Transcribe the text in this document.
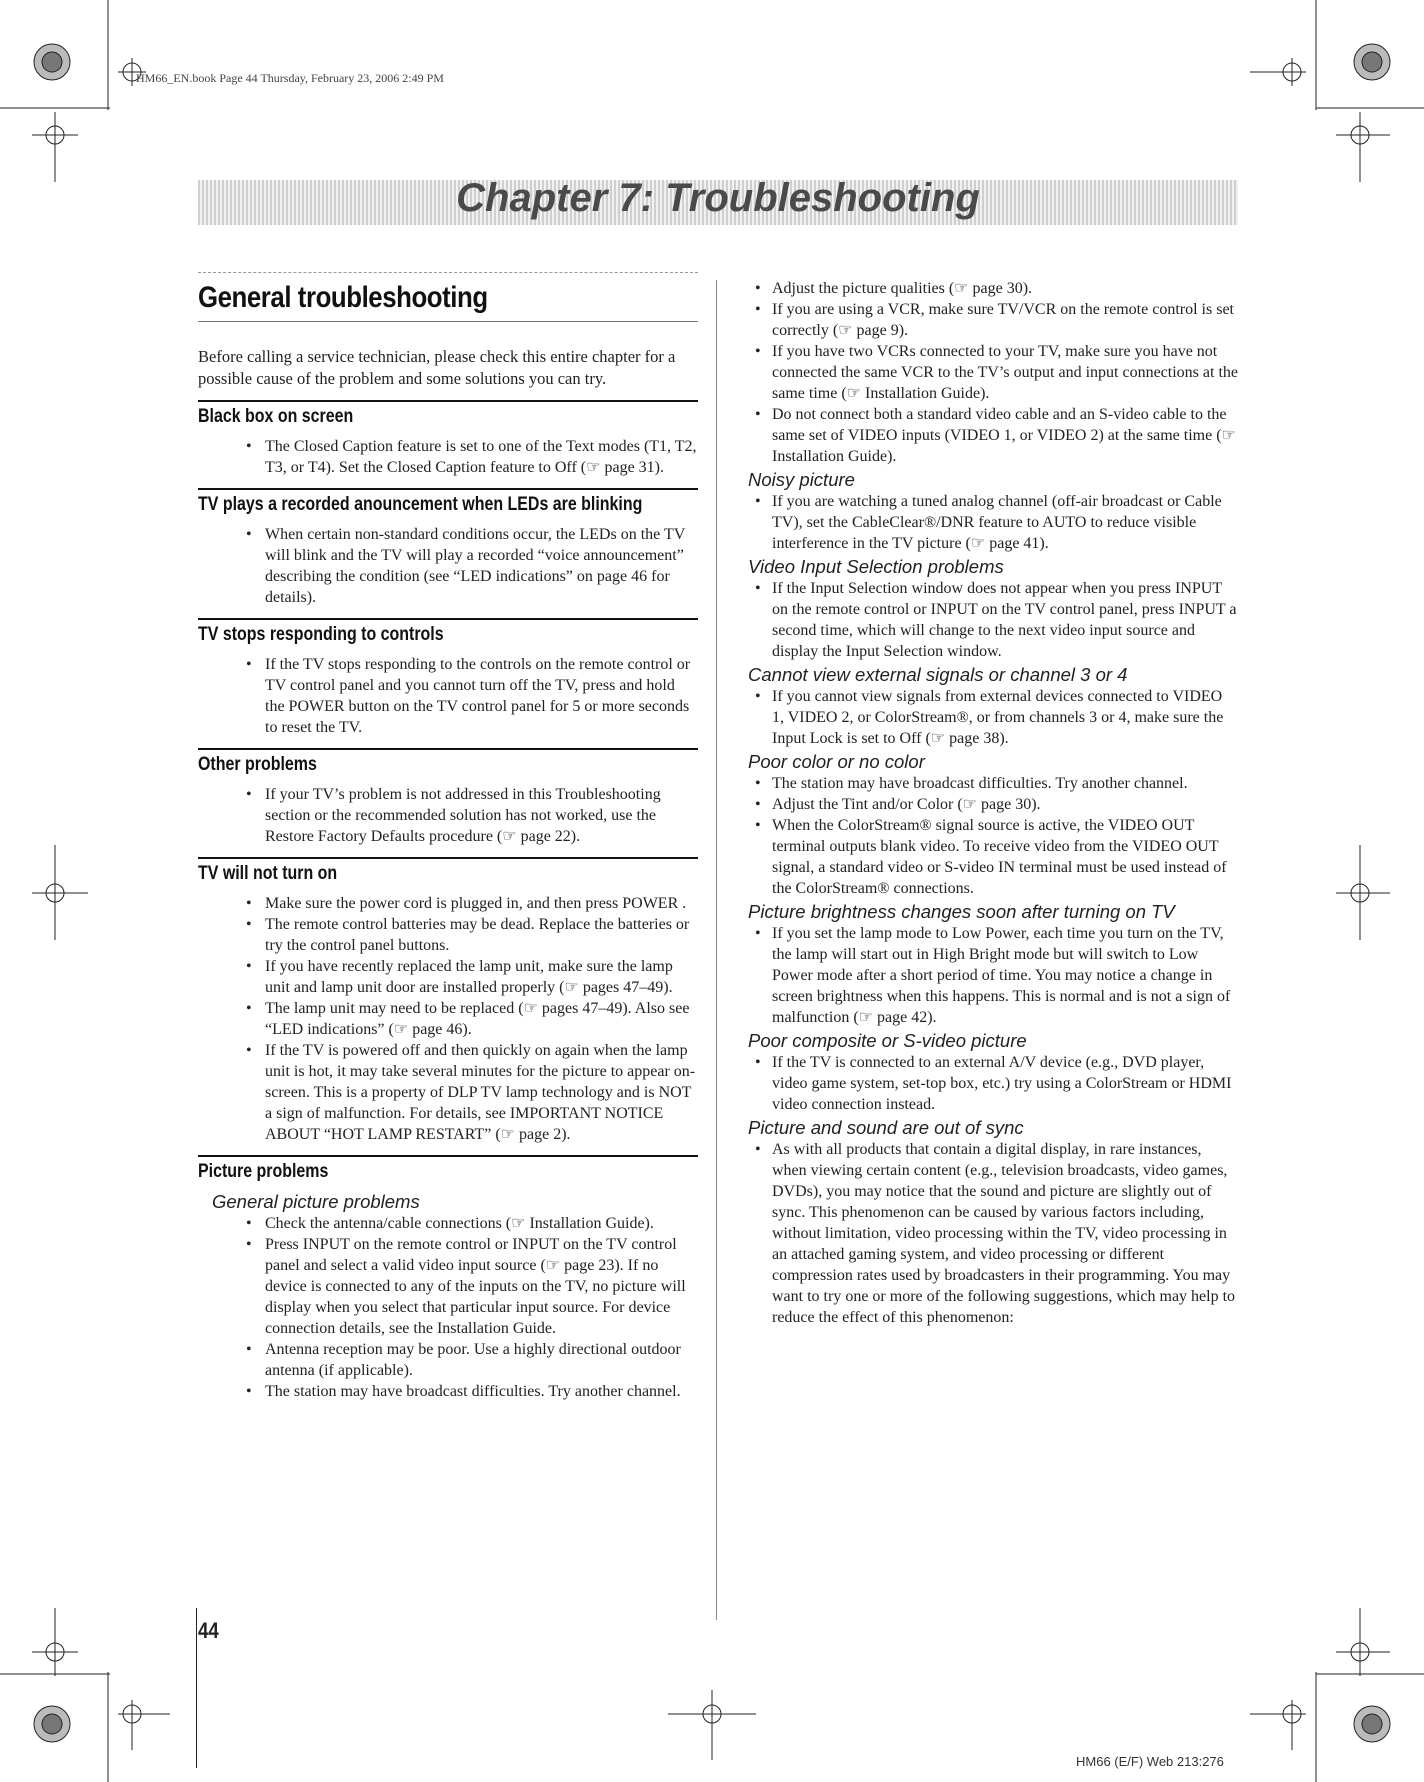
HM66_EN.book Page 44 Thursday, February 23, 2006 2:49 PM
Chapter 7: Troubleshooting
General troubleshooting

Before calling a service technician, please check this entire chapter for a possible cause of the problem and some solutions you can try.

Black box on screen
• The Closed Caption feature is set to one of the Text modes (T1, T2, T3, or T4). Set the Closed Caption feature to Off (☞ page 31).
TV plays a recorded anouncement when LEDs are blinking
• When certain non-standard conditions occur, the LEDs on the TV will blink and the TV will play a recorded “voice announcement” describing the condition (see “LED indications” on page 46 for details).
TV stops responding to controls
• If the TV stops responding to the controls on the remote control or TV control panel and you cannot turn off the TV, press and hold the POWER button on the TV control panel for 5 or more seconds to reset the TV.
Other problems
• If your TV’s problem is not addressed in this Troubleshooting section or the recommended solution has not worked, use the Restore Factory Defaults procedure (☞ page 22).
TV will not turn on
• Make sure the power cord is plugged in, and then press POWER .
• The remote control batteries may be dead. Replace the batteries or try the control panel buttons.
• If you have recently replaced the lamp unit, make sure the lamp unit and lamp unit door are installed properly (☞ pages 47–49).
• The lamp unit may need to be replaced (☞ pages 47–49). Also see “LED indications” (☞ page 46).
• If the TV is powered off and then quickly on again when the lamp unit is hot, it may take several minutes for the picture to appear on-screen. This is a property of DLP TV lamp technology and is NOT a sign of malfunction. For details, see IMPORTANT NOTICE ABOUT “HOT LAMP RESTART” (☞ page 2).
Picture problems
General picture problems
• Check the antenna/cable connections (☞ Installation Guide).
• Press INPUT on the remote control or INPUT on the TV control panel and select a valid video input source (☞ page 23). If no device is connected to any of the inputs on the TV, no picture will display when you select that particular input source. For device connection details, see the Installation Guide.
• Antenna reception may be poor. Use a highly directional outdoor antenna (if applicable).
• The station may have broadcast difficulties. Try another channel.
• Adjust the picture qualities (☞ page 30).
• If you are using a VCR, make sure TV/VCR on the remote control is set correctly (☞ page 9).
• If you have two VCRs connected to your TV, make sure you have not connected the same VCR to the TV’s output and input connections at the same time (☞ Installation Guide).
• Do not connect both a standard video cable and an S-video cable to the same set of VIDEO inputs (VIDEO 1, or VIDEO 2) at the same time (☞ Installation Guide).
Noisy picture
• If you are watching a tuned analog channel (off-air broadcast or Cable TV), set the CableClear®/DNR feature to AUTO to reduce visible interference in the TV picture (☞ page 41).
Video Input Selection problems
• If the Input Selection window does not appear when you press INPUT on the remote control or INPUT on the TV control panel, press INPUT a second time, which will change to the next video input source and display the Input Selection window.
Cannot view external signals or channel 3 or 4
• If you cannot view signals from external devices connected to VIDEO 1, VIDEO 2, or ColorStream®, or from channels 3 or 4, make sure the Input Lock is set to Off (☞ page 38).
Poor color or no color
• The station may have broadcast difficulties. Try another channel.
• Adjust the Tint and/or Color (☞ page 30).
• When the ColorStream® signal source is active, the VIDEO OUT terminal outputs blank video. To receive video from the VIDEO OUT signal, a standard video or S-video IN terminal must be used instead of the ColorStream® connections.
Picture brightness changes soon after turning on TV
• If you set the lamp mode to Low Power, each time you turn on the TV, the lamp will start out in High Bright mode but will switch to Low Power mode after a short period of time. You may notice a change in screen brightness when this happens. This is normal and is not a sign of malfunction (☞ page 42).
Poor composite or S-video picture
• If the TV is connected to an external A/V device (e.g., DVD player, video game system, set-top box, etc.) try using a ColorStream or HDMI video connection instead.
Picture and sound are out of sync
• As with all products that contain a digital display, in rare instances, when viewing certain content (e.g., television broadcasts, video games, DVDs), you may notice that the sound and picture are slightly out of sync. This phenomenon can be caused by various factors including, without limitation, video processing within the TV, video processing in an attached gaming system, and video processing or different compression rates used by broadcasters in their programming. You may want to try one or more of the following suggestions, which may help to reduce the effect of this phenomenon:
44
HM66 (E/F) Web 213:276
